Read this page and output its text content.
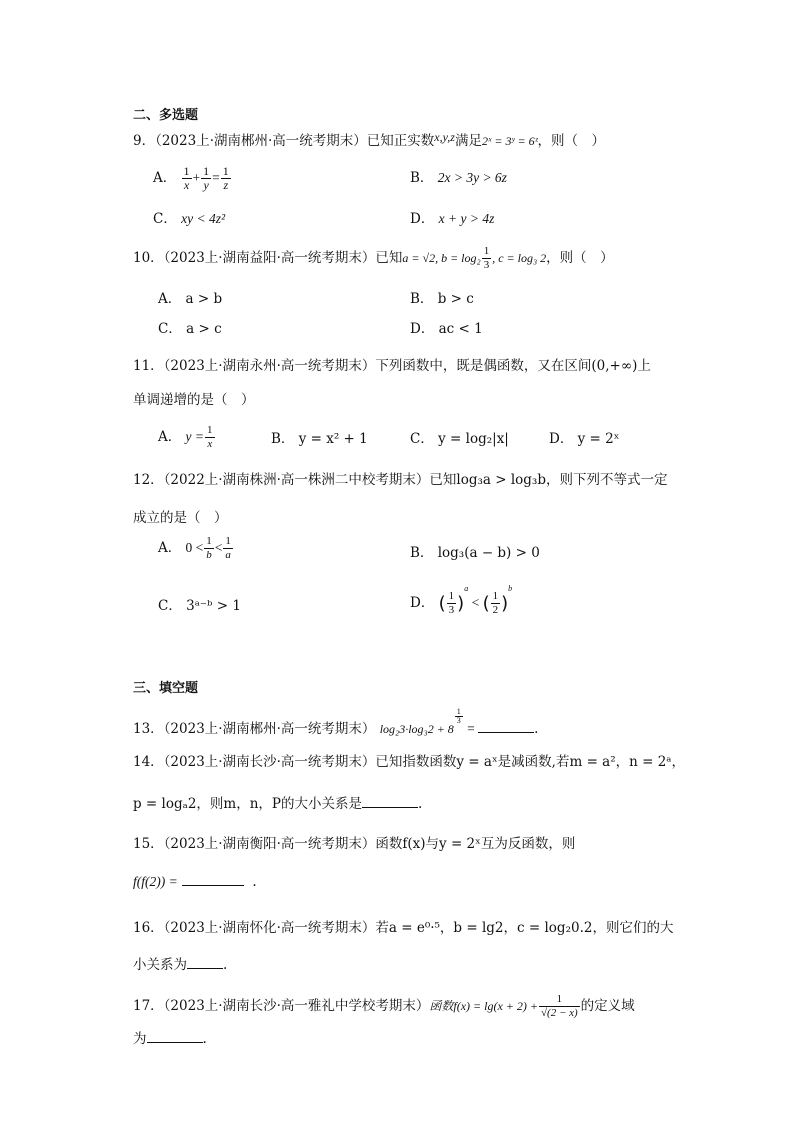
二、多选题
9．（2023上·湖南郴州·高一统考期末）已知正实数x,y,z满足2ˣ = 3ʸ = 6ᶻ，则（　）
A． $\frac{1}{x} + \frac{1}{y} = \frac{1}{z}$	B． 2x > 3y > 6z
C． xy < 4z²	D． x + y > 4z
10．（2023上·湖南益阳·高一统考期末）已知a = √2, $b = \log_2 \frac{1}{3}$ , c = log₃ 2，则（　）
A． a > b	B． b > c
C． a > c	D． ac < 1
11．（2023上·湖南永州·高一统考期末）下列函数中，既是偶函数，又在区间(0,+∞)上
单调递增的是（　）
A． $y = \frac{1}{x}$	B． y = x² + 1	C． y = log₂|x|	D． y = 2ˣ
12．（2022上·湖南株洲·高一株洲二中校考期末）已知log₃a > log₃b，则下列不等式一定
成立的是（　）
A． $0 < \frac{1}{b} < \frac{1}{a}$	B． log₃(a − b) > 0
C． 3ᵃ⁻ᵇ > 1	D． ( $\frac{1}{3} )^a$ < ( $\frac{1}{2} )^b$
三、填空题
13．（2023上·湖南郴州·高一统考期末） log₂3·log₃2 + 8
$\frac{1}{3}$
=	.
14．（2023上·湖南长沙·高一统考期末）已知指数函数y = aˣ是减函数,若m = a²，n = 2ᵃ，
p = logₐ2，则m，n，P的大小关系是	.
15．（2023上·湖南衡阳·高一统考期末）函数f(x)与y = 2ˣ互为反函数，则
f(f(2)) =	.
16．（2023上·湖南怀化·高一统考期末）若a = e⁰·⁵，b = lg2，c = log₂0.2，则它们的大
小关系为	.
17．（2023上·湖南长沙·高一雅礼中学校考期末）函数$f(x) = \lg(x + 2) + \frac{1}{√(2 - x)}$ 的定义域
为	.
